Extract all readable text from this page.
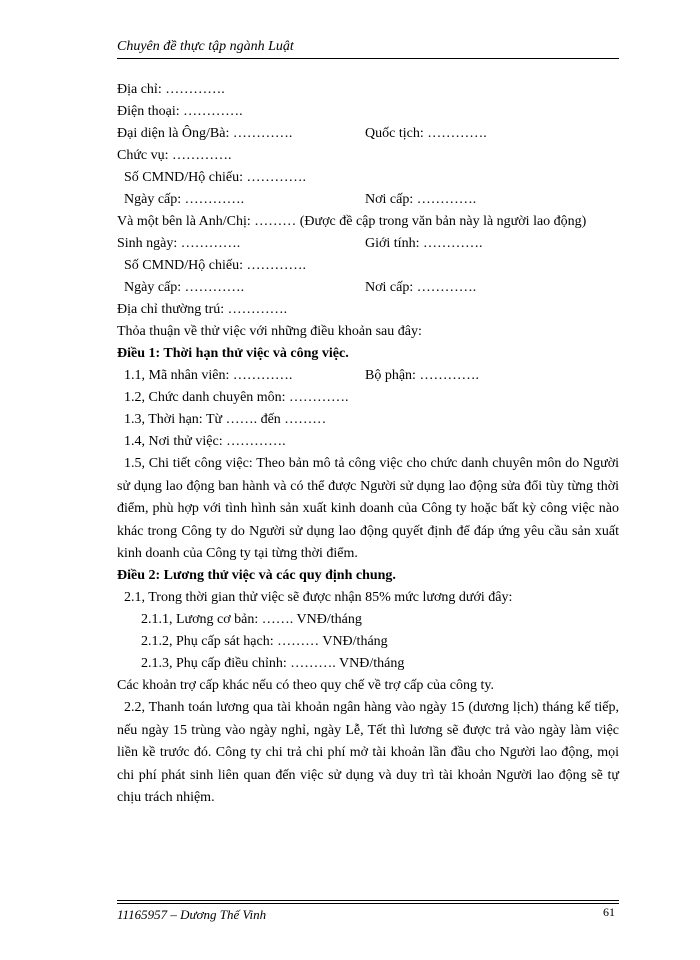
Chuyên đề thực tập ngành Luật
Địa chỉ: ………….
Điện thoại: ………….
Đại diện là Ông/Bà: ………….	Quốc tịch: ………….
Chức vụ: ………….
Số CMND/Hộ chiếu: ………….
Ngày cấp: ………….	Nơi cấp: ………….
Và một bên là Anh/Chị: ……… (Được đề cập trong văn bản này là người lao động)
Sinh ngày: ………….	Giới tính: ………….
Số CMND/Hộ chiếu: ………….
Ngày cấp: ………….	Nơi cấp: ………….
Địa chỉ thường trú: ………….
Thỏa thuận về thử việc với những điều khoản sau đây:
Điều 1: Thời hạn thử việc và công việc.
1.1, Mã nhân viên: ………….	Bộ phận: ………….
1.2, Chức danh chuyên môn: ………….
1.3, Thời hạn: Từ ……. đến ………
1.4, Nơi thử việc: ………….
1.5, Chi tiết công việc: Theo bản mô tả công việc cho chức danh chuyên môn do Người sử dụng lao động ban hành và có thể được Người sử dụng lao động sửa đổi tùy từng thời điểm, phù hợp với tình hình sản xuất kinh doanh của Công ty hoặc bất kỳ công việc nào khác trong Công ty do Người sử dụng lao động quyết định để đáp ứng yêu cầu sản xuất kinh doanh của Công ty tại từng thời điểm.
Điều 2: Lương thử việc và các quy định chung.
2.1, Trong thời gian thử việc sẽ được nhận 85% mức lương dưới đây:
2.1.1, Lương cơ bản: ……. VNĐ/tháng
2.1.2, Phụ cấp sát hạch: ……… VNĐ/tháng
2.1.3, Phụ cấp điều chỉnh: ………. VNĐ/tháng
Các khoản trợ cấp khác nếu có theo quy chế về trợ cấp của công ty.
2.2, Thanh toán lương qua tài khoản ngân hàng vào ngày 15 (dương lịch) tháng kế tiếp, nếu ngày 15 trùng vào ngày nghỉ, ngày Lễ, Tết thì lương sẽ được trả vào ngày làm việc liền kề trước đó. Công ty chi trả chi phí mở tài khoản lần đầu cho Người lao động, mọi chi phí phát sinh liên quan đến việc sử dụng và duy trì tài khoản Người lao động sẽ tự chịu trách nhiệm.
11165957 – Dương Thế Vinh	61
